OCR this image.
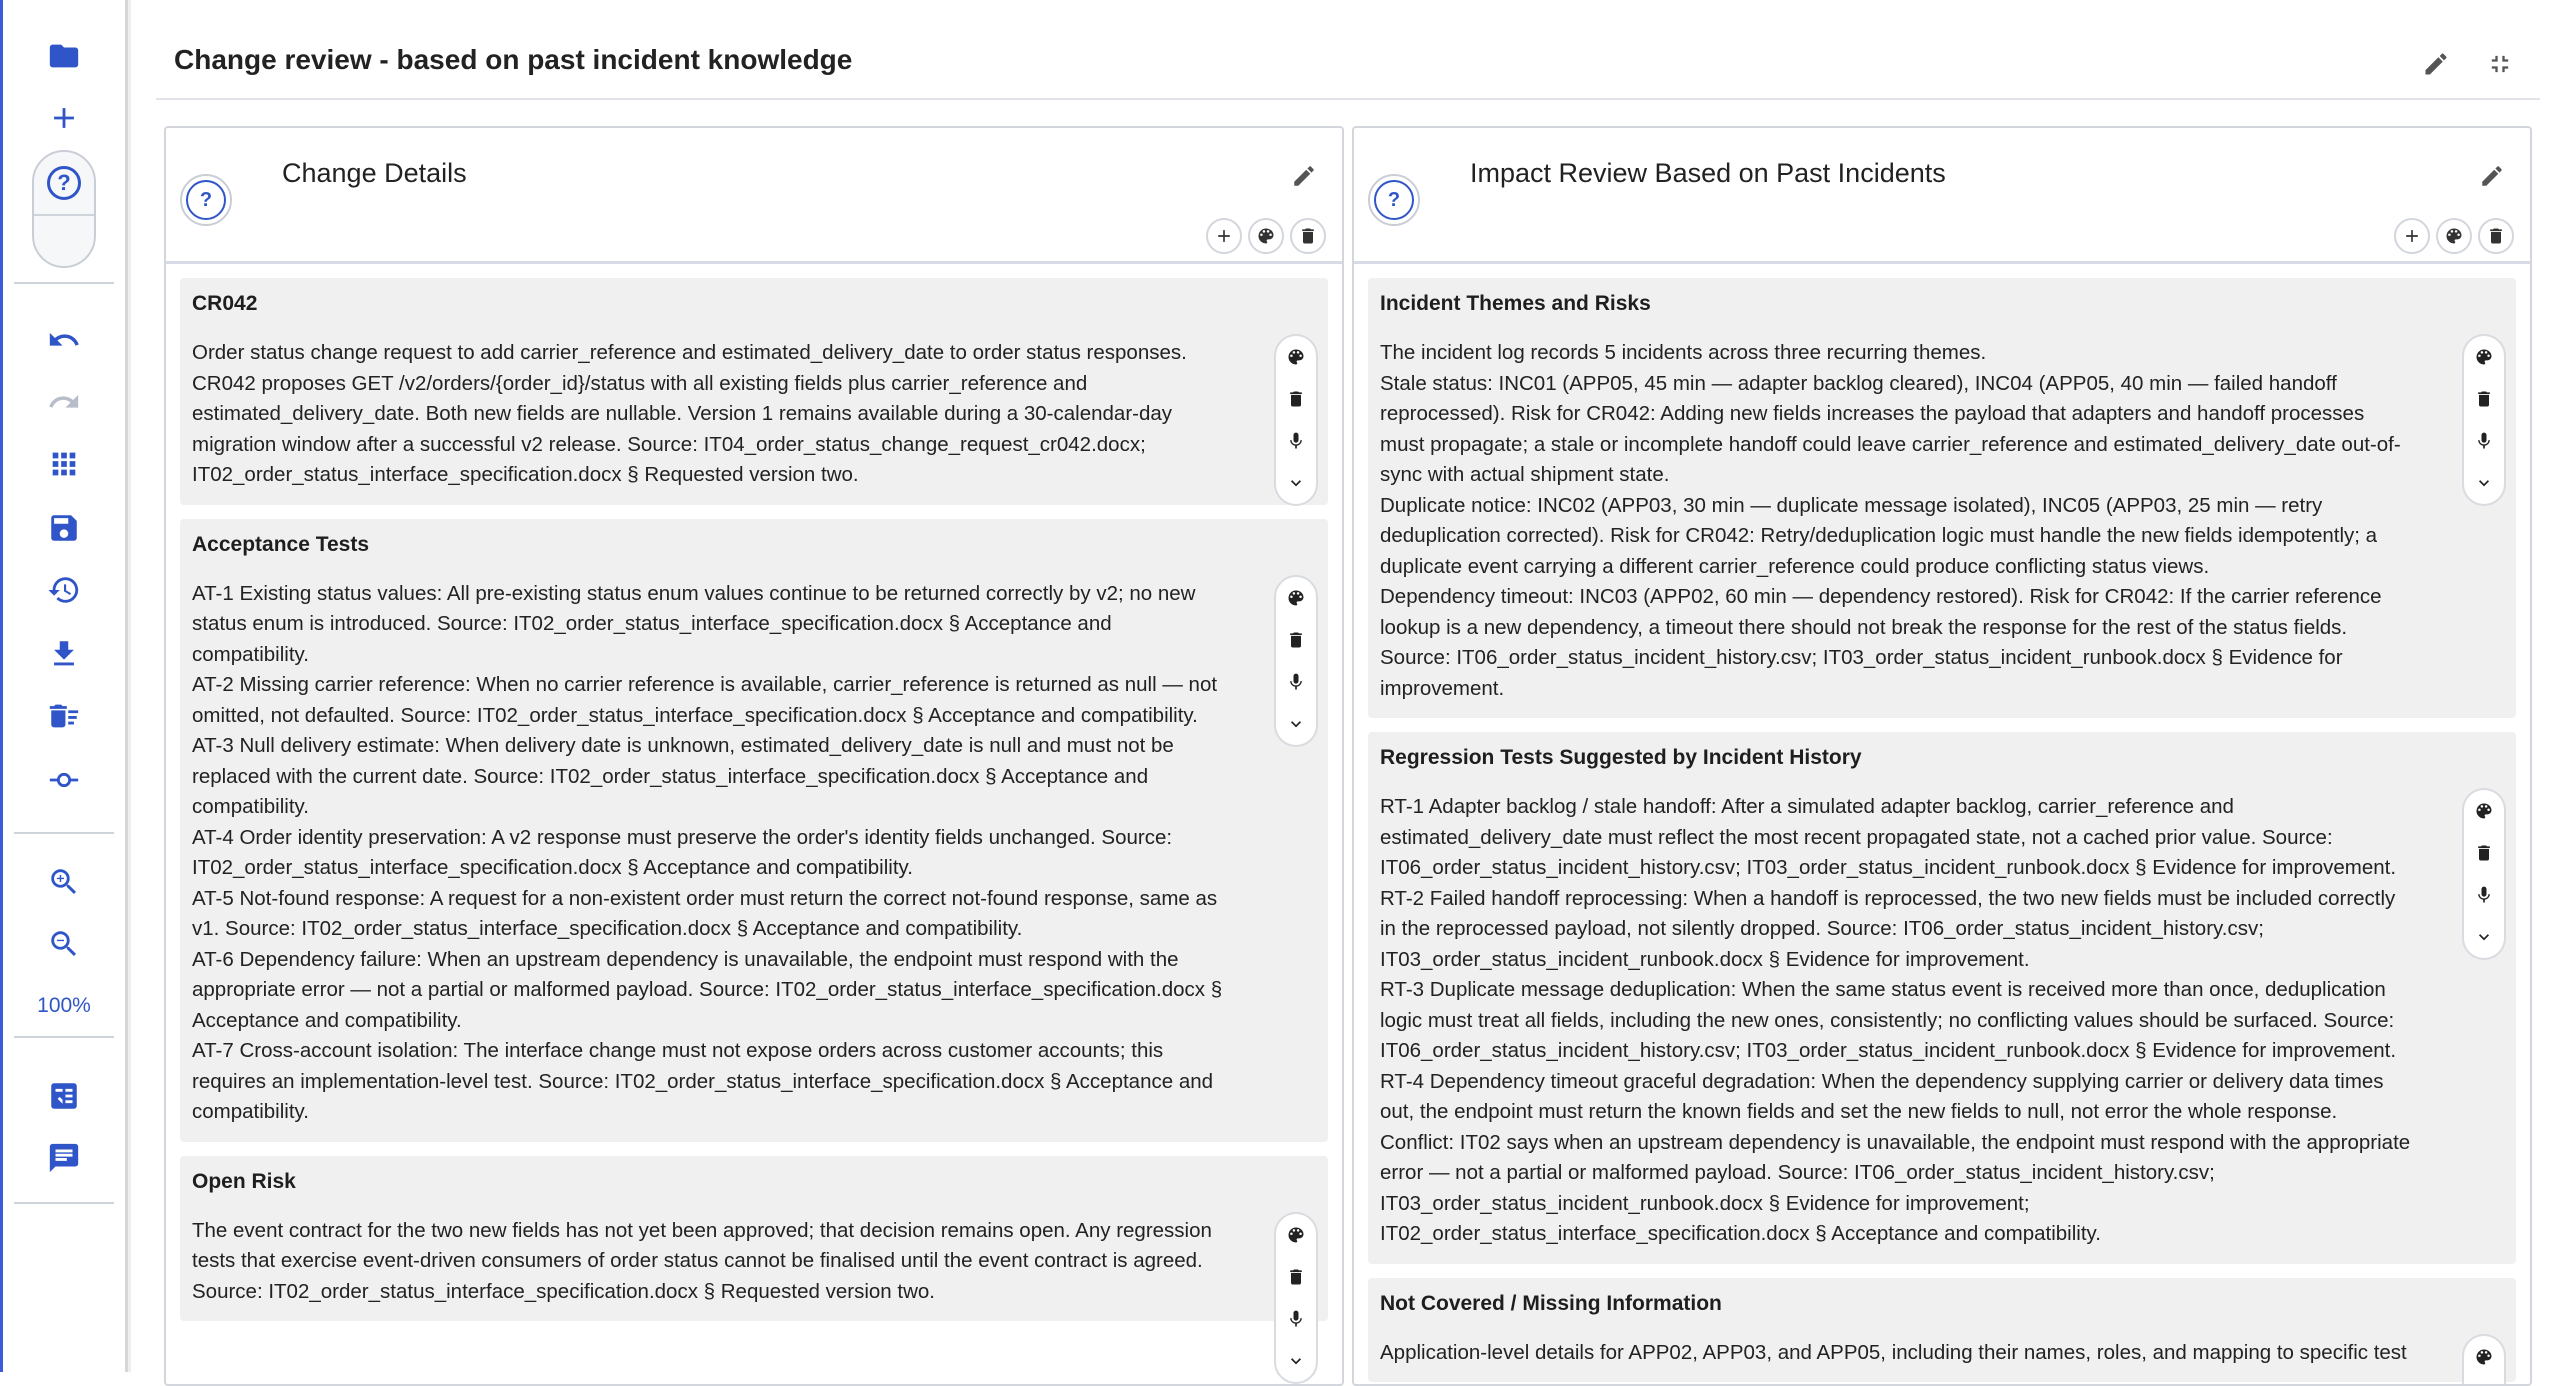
?
100%
Change review - based on past incident knowledge
?
Change Details
CR042
Order status change request to add carrier_reference and estimated_delivery_date to order status responses.
CR042 proposes GET /v2/orders/{order_id}/status with all existing fields plus carrier_reference and
estimated_delivery_date. Both new fields are nullable. Version 1 remains available during a 30-calendar-day
migration window after a successful v2 release. Source: IT04_order_status_change_request_cr042.docx;
IT02_order_status_interface_specification.docx § Requested version two.
Acceptance Tests
AT-1 Existing status values: All pre-existing status enum values continue to be returned correctly by v2; no new
status enum is introduced. Source: IT02_order_status_interface_specification.docx § Acceptance and
compatibility.
AT-2 Missing carrier reference: When no carrier reference is available, carrier_reference is returned as null — not
omitted, not defaulted. Source: IT02_order_status_interface_specification.docx § Acceptance and compatibility.
AT-3 Null delivery estimate: When delivery date is unknown, estimated_delivery_date is null and must not be
replaced with the current date. Source: IT02_order_status_interface_specification.docx § Acceptance and
compatibility.
AT-4 Order identity preservation: A v2 response must preserve the order's identity fields unchanged. Source:
IT02_order_status_interface_specification.docx § Acceptance and compatibility.
AT-5 Not-found response: A request for a non-existent order must return the correct not-found response, same as
v1. Source: IT02_order_status_interface_specification.docx § Acceptance and compatibility.
AT-6 Dependency failure: When an upstream dependency is unavailable, the endpoint must respond with the
appropriate error — not a partial or malformed payload. Source: IT02_order_status_interface_specification.docx §
Acceptance and compatibility.
AT-7 Cross-account isolation: The interface change must not expose orders across customer accounts; this
requires an implementation-level test. Source: IT02_order_status_interface_specification.docx § Acceptance and
compatibility.
Open Risk
The event contract for the two new fields has not yet been approved; that decision remains open. Any regression
tests that exercise event-driven consumers of order status cannot be finalised until the event contract is agreed.
Source: IT02_order_status_interface_specification.docx § Requested version two.
?
Impact Review Based on Past Incidents
Incident Themes and Risks
The incident log records 5 incidents across three recurring themes.
Stale status: INC01 (APP05, 45 min — adapter backlog cleared), INC04 (APP05, 40 min — failed handoff
reprocessed). Risk for CR042: Adding new fields increases the payload that adapters and handoff processes
must propagate; a stale or incomplete handoff could leave carrier_reference and estimated_delivery_date out-of-
sync with actual shipment state.
Duplicate notice: INC02 (APP03, 30 min — duplicate message isolated), INC05 (APP03, 25 min — retry
deduplication corrected). Risk for CR042: Retry/deduplication logic must handle the new fields idempotently; a
duplicate event carrying a different carrier_reference could produce conflicting status views.
Dependency timeout: INC03 (APP02, 60 min — dependency restored). Risk for CR042: If the carrier reference
lookup is a new dependency, a timeout there should not break the response for the rest of the status fields.
Source: IT06_order_status_incident_history.csv; IT03_order_status_incident_runbook.docx § Evidence for
improvement.
Regression Tests Suggested by Incident History
RT-1 Adapter backlog / stale handoff: After a simulated adapter backlog, carrier_reference and
estimated_delivery_date must reflect the most recent propagated state, not a cached prior value. Source:
IT06_order_status_incident_history.csv; IT03_order_status_incident_runbook.docx § Evidence for improvement.
RT-2 Failed handoff reprocessing: When a handoff is reprocessed, the two new fields must be included correctly
in the reprocessed payload, not silently dropped. Source: IT06_order_status_incident_history.csv;
IT03_order_status_incident_runbook.docx § Evidence for improvement.
RT-3 Duplicate message deduplication: When the same status event is received more than once, deduplication
logic must treat all fields, including the new ones, consistently; no conflicting values should be surfaced. Source:
IT06_order_status_incident_history.csv; IT03_order_status_incident_runbook.docx § Evidence for improvement.
RT-4 Dependency timeout graceful degradation: When the dependency supplying carrier or delivery data times
out, the endpoint must return the known fields and set the new fields to null, not error the whole response.
Conflict: IT02 says when an upstream dependency is unavailable, the endpoint must respond with the appropriate
error — not a partial or malformed payload. Source: IT06_order_status_incident_history.csv;
IT03_order_status_incident_runbook.docx § Evidence for improvement;
IT02_order_status_interface_specification.docx § Acceptance and compatibility.
Not Covered / Missing Information
Application-level details for APP02, APP03, and APP05, including their names, roles, and mapping to specific test
